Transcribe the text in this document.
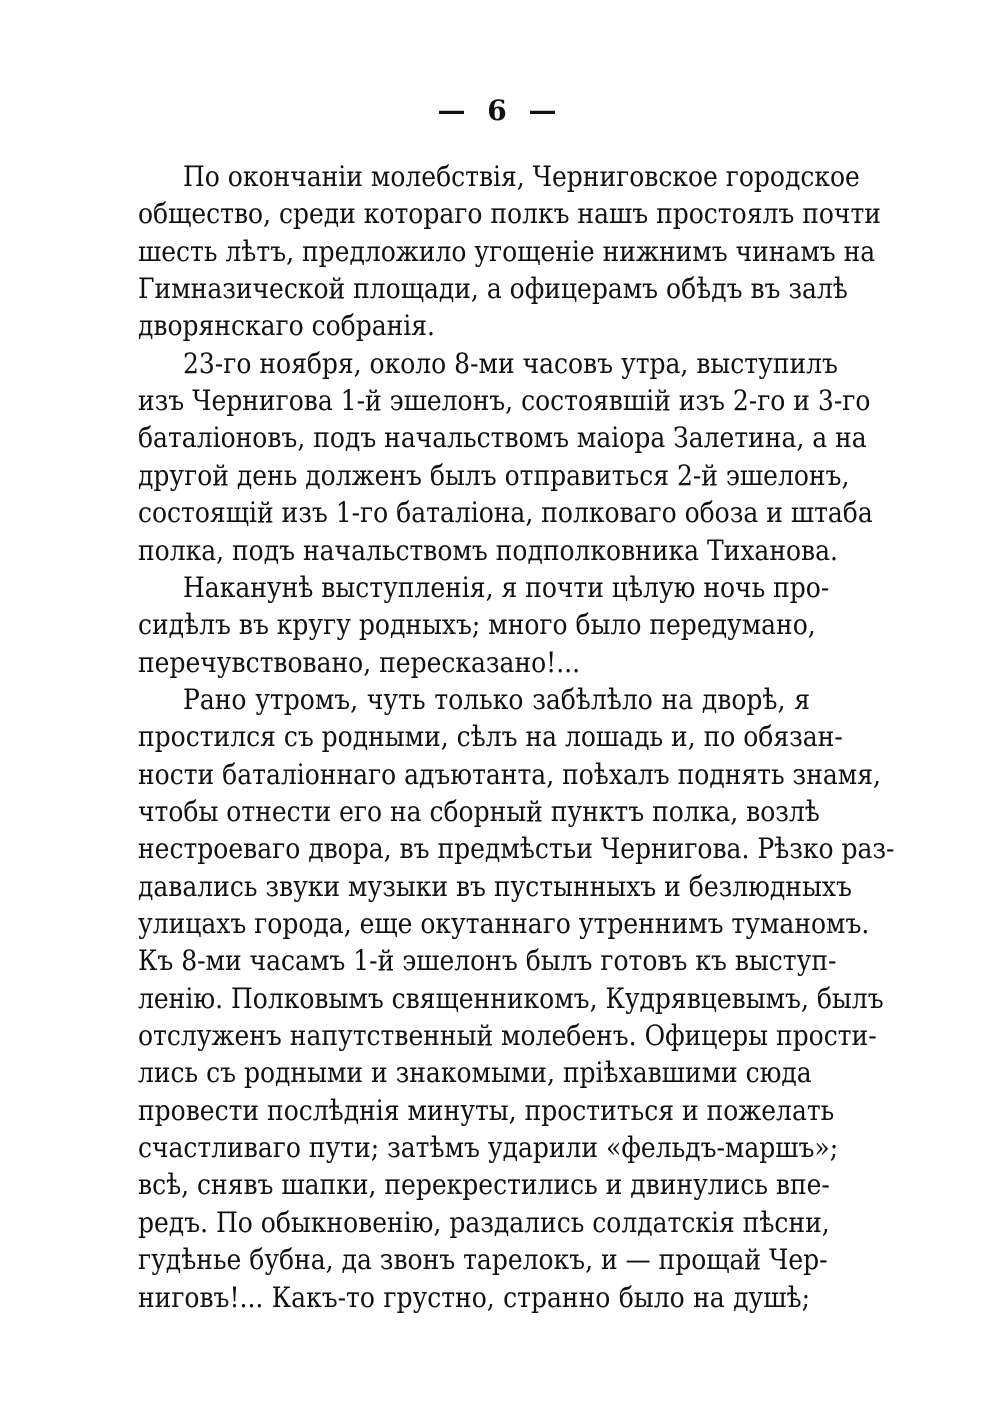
— 6 —
По окончаніи молебствія, Черниговское городское
общество, среди котораго полкъ нашъ простоялъ почти
шесть лѣтъ, предложило угощеніе нижнимъ чинамъ на
Гимназической площади, а офицерамъ обѣдъ въ залѣ
дворянскаго собранія.
23-го ноября, около 8-ми часовъ утра, выступилъ
изъ Чернигова 1-й эшелонъ, состоявшій изъ 2-го и 3-го
баталіоновъ, подъ начальствомъ маіора Залетина, а на
другой день долженъ былъ отправиться 2-й эшелонъ,
состоящій изъ 1-го баталіона, полковаго обоза и штаба
полка, подъ начальствомъ подполковника Тиханова.
Наканунѣ выступленія, я почти цѣлую ночь про-
сидѣлъ въ кругу родныхъ; много было передумано,
перечувствовано, пересказано!...
Рано утромъ, чуть только забѣлѣло на дворѣ, я
простился съ родными, сѣлъ на лошадь и, по обязан-
ности баталіоннаго адъютанта, поѣхалъ поднять знамя,
чтобы отнести его на сборный пунктъ полка, возлѣ
нестроеваго двора, въ предмѣстьи Чернигова. Рѣзко раз-
давались звуки музыки въ пустынныхъ и безлюдныхъ
улицахъ города, еще окутаннаго утреннимъ туманомъ.
Къ 8-ми часамъ 1-й эшелонъ былъ готовъ къ выступ-
ленію. Полковымъ священникомъ, Кудрявцевымъ, былъ
отслуженъ напутственный молебенъ. Офицеры прости-
лись съ родными и знакомыми, пріѣхавшими сюда
провести послѣднія минуты, проститься и пожелать
счастливаго пути; затѣмъ ударили «фельдъ-маршъ»;
всѣ, снявъ шапки, перекрестились и двинулись впе-
редъ. По обыкновенію, раздались солдатскія пѣсни,
гудѣнье бубна, да звонъ тарелокъ, и — прощай Чер-
ниговъ!... Какъ-то грустно, странно было на душѣ;
